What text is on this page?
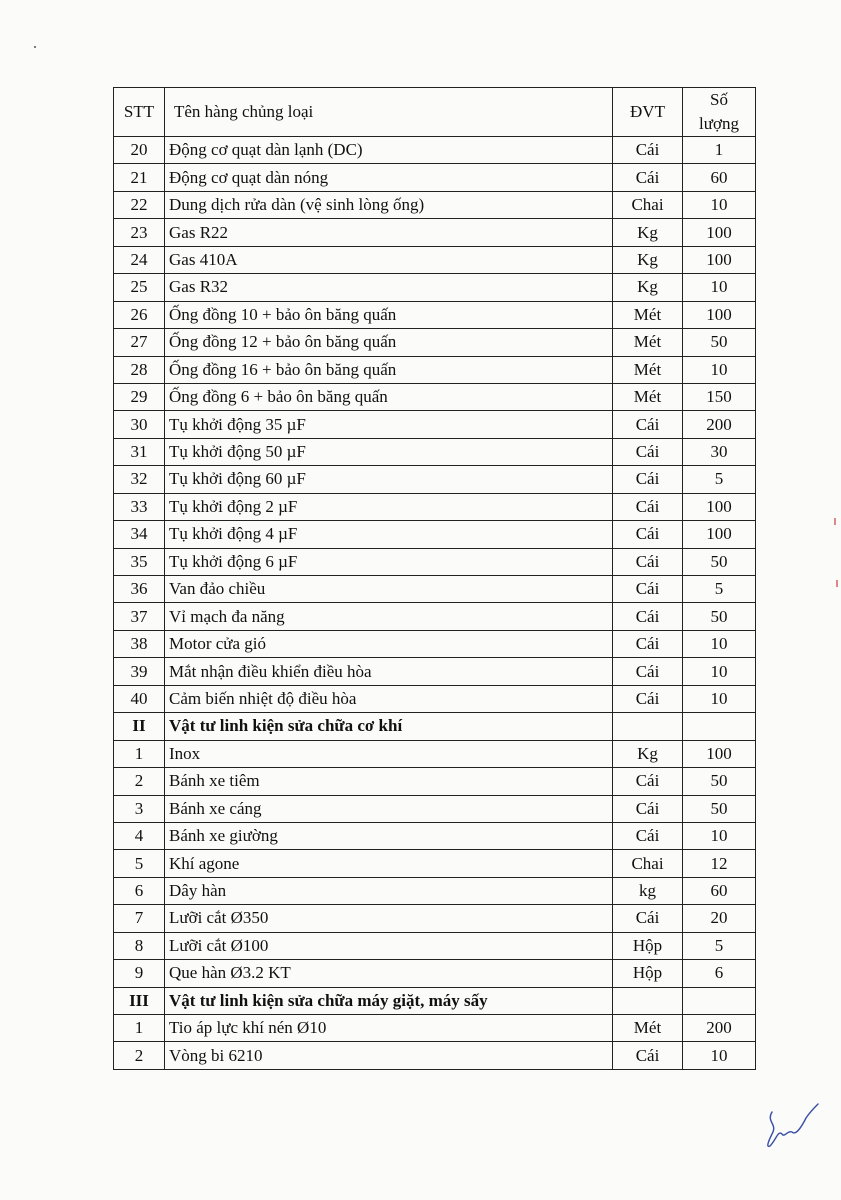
STT	Tên hàng chủng loại	ĐVT	Số
lượng

20	Động cơ quạt dàn lạnh (DC)	Cái	1
21	Động cơ quạt dàn nóng	Cái	60
22	Dung dịch rửa dàn (vệ sinh lòng ống)	Chai	10
23	Gas R22	Kg	100
24	Gas 410A	Kg	100
25	Gas R32	Kg	10
26	Ống đồng 10 + bảo ôn băng quấn	Mét	100
27	Ống đồng 12 + bảo ôn băng quấn	Mét	50
28	Ống đồng 16 + bảo ôn băng quấn	Mét	10
29	Ống đồng 6 + bảo ôn băng quấn	Mét	150
30	Tụ khởi động 35 µF	Cái	200
31	Tụ khởi động 50 µF	Cái	30
32	Tụ khởi động 60 µF	Cái	5
33	Tụ khởi động 2 µF	Cái	100
34	Tụ khởi động 4 µF	Cái	100
35	Tụ khởi động 6 µF	Cái	50
36	Van đảo chiều	Cái	5
37	Vỉ mạch đa năng	Cái	50
38	Motor cửa gió	Cái	10
39	Mắt nhận điều khiển điều hòa	Cái	10
40	Cảm biến nhiệt độ điều hòa	Cái	10
II	Vật tư linh kiện sửa chữa cơ khí		
1	Inox	Kg	100
2	Bánh xe tiêm	Cái	50
3	Bánh xe cáng	Cái	50
4	Bánh xe giường	Cái	10
5	Khí agone	Chai	12
6	Dây hàn	kg	60
7	Lưỡi cắt Ø350	Cái	20
8	Lưỡi cắt Ø100	Hộp	5
9	Que hàn Ø3.2 KT	Hộp	6
III	Vật tư linh kiện sửa chữa máy giặt, máy sấy		
1	Tio áp lực khí nén Ø10	Mét	200
2	Vòng bi 6210	Cái	10
